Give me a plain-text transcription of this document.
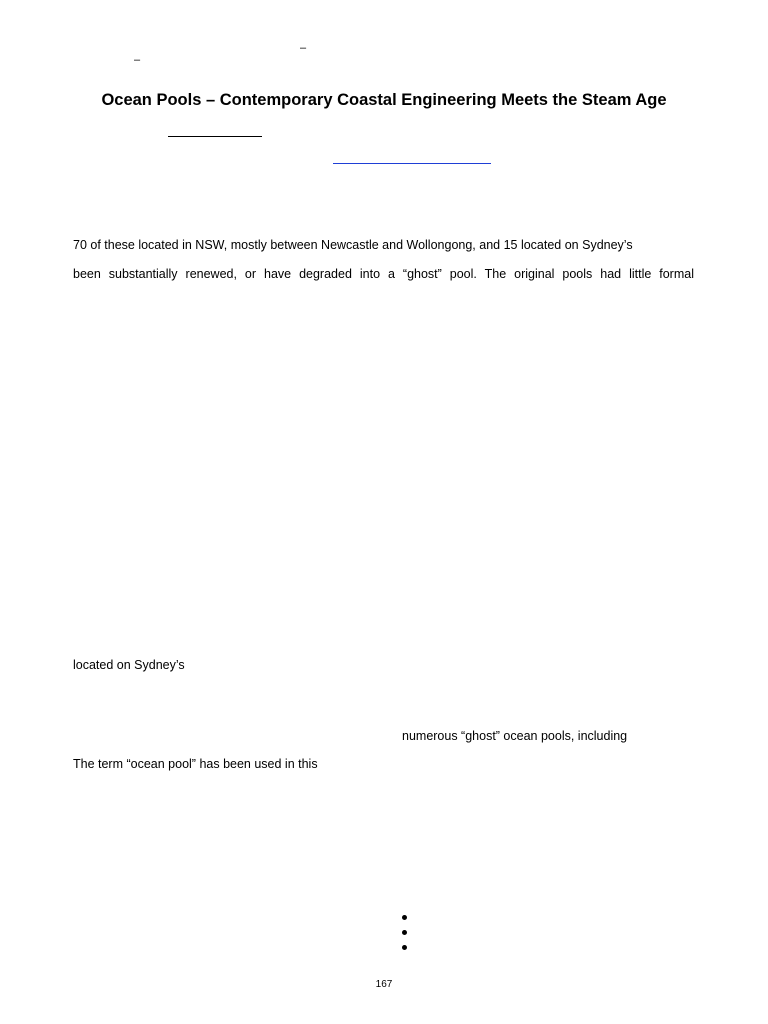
–
–
Ocean Pools – Contemporary Coastal Engineering Meets the Steam Age
70 of these located in NSW, mostly between Newcastle and Wollongong, and 15 located on Sydney’s
been substantially renewed, or have degraded into a “ghost” pool. The original pools had little formal
located on Sydney’s
numerous “ghost” ocean pools, including
The term “ocean pool” has been used in this
167
